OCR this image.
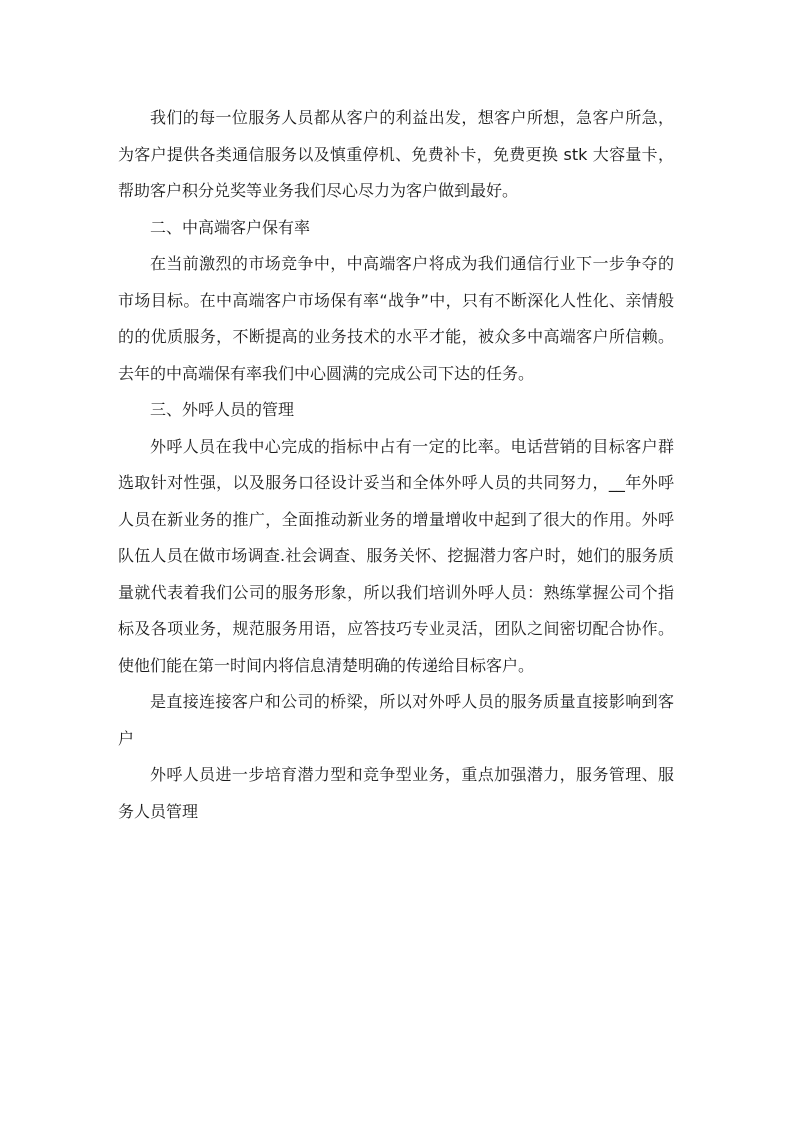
我们的每一位服务人员都从客户的利益出发，想客户所想，急客户所急，为客户提供各类通信服务以及慎重停机、免费补卡，免费更换 stk 大容量卡，帮助客户积分兑奖等业务我们尽心尽力为客户做到最好。

二、中高端客户保有率

在当前激烈的市场竞争中，中高端客户将成为我们通信行业下一步争夺的市场目标。在中高端客户市场保有率“战争”中，只有不断深化人性化、亲情般的的优质服务，不断提高的业务技术的水平才能，被众多中高端客户所信赖。去年的中高端保有率我们中心圆满的完成公司下达的任务。

三、外呼人员的管理

外呼人员在我中心完成的指标中占有一定的比率。电话营销的目标客户群选取针对性强，以及服务口径设计妥当和全体外呼人员的共同努力，__年外呼人员在新业务的推广，全面推动新业务的增量增收中起到了很大的作用。外呼队伍人员在做市场调查.社会调查、服务关怀、挖掘潜力客户时，她们的服务质量就代表着我们公司的服务形象，所以我们培训外呼人员：熟练掌握公司个指标及各项业务，规范服务用语，应答技巧专业灵活，团队之间密切配合协作。使他们能在第一时间内将信息清楚明确的传递给目标客户。

是直接连接客户和公司的桥梁，所以对外呼人员的服务质量直接影响到客户

外呼人员进一步培育潜力型和竞争型业务，重点加强潜力，服务管理、服务人员管理
